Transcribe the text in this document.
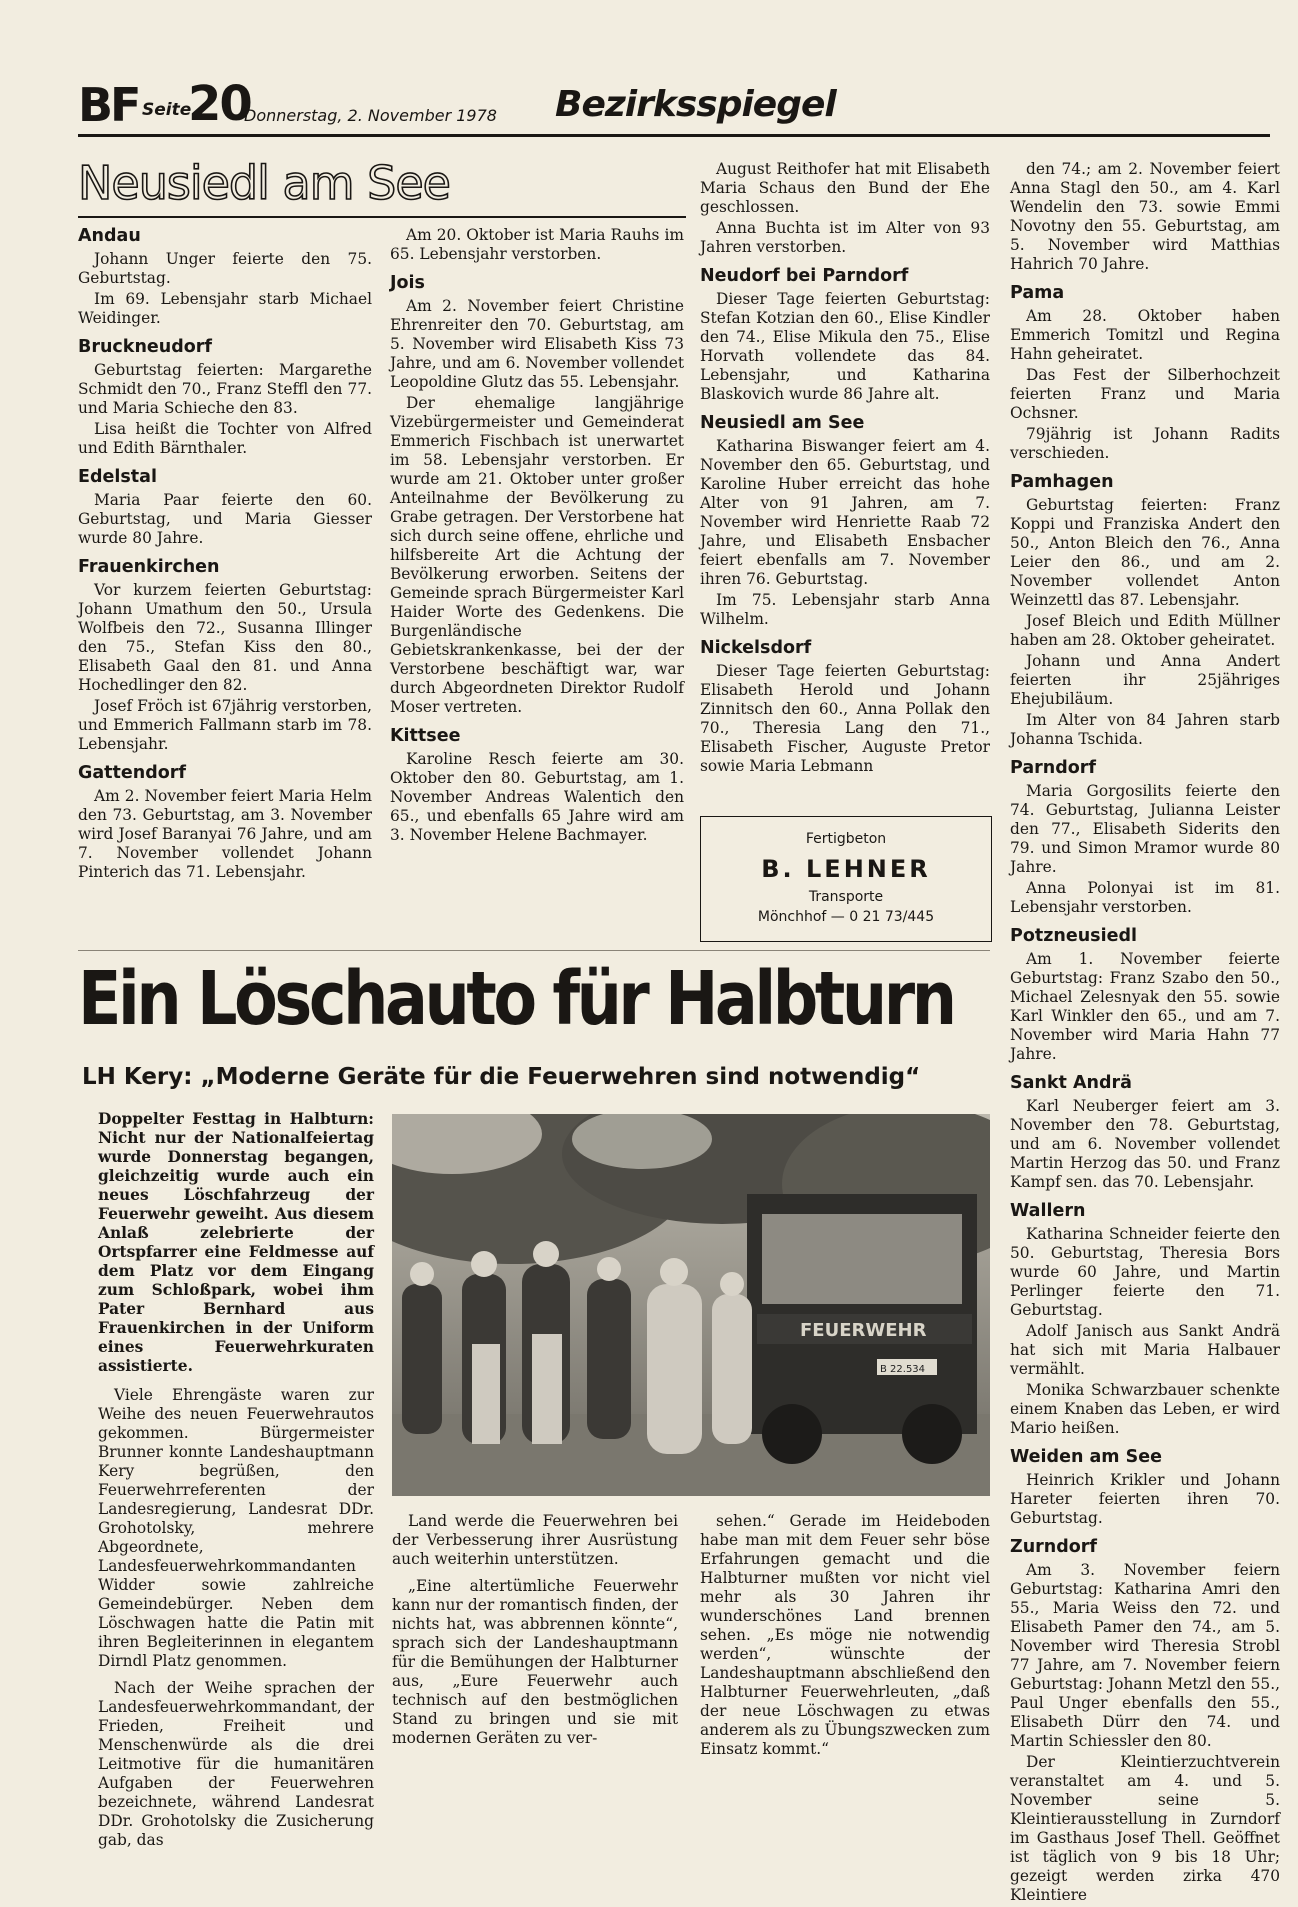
BF Seite
20
Donnerstag, 2. November 1978 Bezirksspiegel
Neusiedl am See
Andau

Johann Unger feierte den 75. Geburtstag.

Im 69. Lebensjahr starb Michael Weidinger.

Bruckneudorf

Geburtstag feierten: Margarethe Schmidt den 70., Franz Steffl den 77. und Maria Schieche den 83.

Lisa heißt die Tochter von Alfred und Edith Bärnthaler.

Edelstal

Maria Paar feierte den 60. Geburtstag, und Maria Giesser wurde 80 Jahre.

Frauenkirchen

Vor kurzem feierten Geburtstag: Johann Umathum den 50., Ursula Wolfbeis den 72., Susanna Illinger den 75., Stefan Kiss den 80., Elisabeth Gaal den 81. und Anna Hochedlinger den 82.

Josef Fröch ist 67jährig verstorben, und Emmerich Fallmann starb im 78. Lebensjahr.

Gattendorf

Am 2. November feiert Maria Helm den 73. Geburtstag, am 3. November wird Josef Baranyai 76 Jahre, und am 7. November vollendet Johann Pinterich das 71. Lebensjahr.

Am 20. Oktober ist Maria Rauhs im 65. Lebensjahr verstorben.

Jois

Am 2. November feiert Christine Ehrenreiter den 70. Geburtstag, am 5. November wird Elisabeth Kiss 73 Jahre, und am 6. November vollendet Leopoldine Glutz das 55. Lebensjahr.

Der ehemalige langjährige Vizebürgermeister und Gemeinderat Emmerich Fischbach ist unerwartet im 58. Lebensjahr verstorben. Er wurde am 21. Oktober unter großer Anteilnahme der Bevölkerung zu Grabe getragen. Der Verstorbene hat sich durch seine offene, ehrliche und hilfsbereite Art die Achtung der Bevölkerung erworben. Seitens der Gemeinde sprach Bürgermeister Karl Haider Worte des Gedenkens. Die Burgenländische Gebietskrankenkasse, bei der der Verstorbene beschäftigt war, war durch Abgeordneten Direktor Rudolf Moser vertreten.

Kittsee

Karoline Resch feierte am 30. Oktober den 80. Geburtstag, am 1. November Andreas Walentich den 65., und ebenfalls 65 Jahre wird am 3. November Helene Bachmayer.

August Reithofer hat mit Elisabeth Maria Schaus den Bund der Ehe geschlossen.

Anna Buchta ist im Alter von 93 Jahren verstorben.

Neudorf bei Parndorf

Dieser Tage feierten Geburtstag: Stefan Kotzian den 60., Elise Kindler den 74., Elise Mikula den 75., Elise Horvath vollendete das 84. Lebensjahr, und Katharina Blaskovich wurde 86 Jahre alt.

Neusiedl am See

Katharina Biswanger feiert am 4. November den 65. Geburtstag, und Karoline Huber erreicht das hohe Alter von 91 Jahren, am 7. November wird Henriette Raab 72 Jahre, und Elisabeth Ensbacher feiert ebenfalls am 7. November ihren 76. Geburtstag.

Im 75. Lebensjahr starb Anna Wilhelm.

Nickelsdorf

Dieser Tage feierten Geburtstag: Elisabeth Herold und Johann Zinnitsch den 60., Anna Pollak den 70., Theresia Lang den 71., Elisabeth Fischer, Auguste Pretor sowie Maria Lebmann

den 74.; am 2. November feiert Anna Stagl den 50., am 4. Karl Wendelin den 73. sowie Emmi Novotny den 55. Geburtstag, am 5. November wird Matthias Hahrich 70 Jahre.

Pama

Am 28. Oktober haben Emmerich Tomitzl und Regina Hahn geheiratet.

Das Fest der Silberhochzeit feierten Franz und Maria Ochsner.

79jährig ist Johann Radits verschieden.

Pamhagen

Geburtstag feierten: Franz Koppi und Franziska Andert den 50., Anton Bleich den 76., Anna Leier den 86., und am 2. November vollendet Anton Weinzettl das 87. Lebensjahr.

Josef Bleich und Edith Müllner haben am 28. Oktober geheiratet.

Johann und Anna Andert feierten ihr 25jähriges Ehejubiläum.

Im Alter von 84 Jahren starb Johanna Tschida.

Parndorf

Maria Gorgosilits feierte den 74. Geburtstag, Julianna Leister den 77., Elisabeth Siderits den 79. und Simon Mramor wurde 80 Jahre.

Anna Polonyai ist im 81. Lebensjahr verstorben.

Potzneusiedl

Am 1. November feierte Geburtstag: Franz Szabo den 50., Michael Zelesnyak den 55. sowie Karl Winkler den 65., und am 7. November wird Maria Hahn 77 Jahre.

Sankt Andrä

Karl Neuberger feiert am 3. November den 78. Geburtstag, und am 6. November vollendet Martin Herzog das 50. und Franz Kampf sen. das 70. Lebensjahr.

Wallern

Katharina Schneider feierte den 50. Geburtstag, Theresia Bors wurde 60 Jahre, und Martin Perlinger feierte den 71. Geburtstag.

Adolf Janisch aus Sankt Andrä hat sich mit Maria Halbauer vermählt.

Monika Schwarzbauer schenkte einem Knaben das Leben, er wird Mario heißen.

Weiden am See

Heinrich Krikler und Johann Hareter feierten ihren 70. Geburtstag.

Zurndorf

Am 3. November feiern Geburtstag: Katharina Amri den 55., Maria Weiss den 72. und Elisabeth Pamer den 74., am 5. November wird Theresia Strobl 77 Jahre, am 7. November feiern Geburtstag: Johann Metzl den 55., Paul Unger ebenfalls den 55., Elisabeth Dürr den 74. und Martin Schiessler den 80.

Der Kleintierzuchtverein veranstaltet am 4. und 5. November seine 5. Kleintierausstellung in Zurndorf im Gasthaus Josef Thell. Geöffnet ist täglich von 9 bis 18 Uhr; gezeigt werden zirka 470 Kleintiere

Fertigbeton
B. LEHNER
Transporte
Mönchhof — 0 21 73/445
Ein Löschauto für Halbturn
LH Kery: „Moderne Geräte für die Feuerwehren sind notwendig“

Doppelter Festtag in Halbturn: Nicht nur der Nationalfeiertag wurde Donnerstag begangen, gleichzeitig wurde auch ein neues Löschfahrzeug der Feuerwehr geweiht. Aus diesem Anlaß zelebrierte der Ortspfarrer eine Feldmesse auf dem Platz vor dem Eingang zum Schloßpark, wobei ihm Pater Bernhard aus Frauenkirchen in der Uniform eines Feuerwehrkuraten assistierte.

Viele Ehrengäste waren zur Weihe des neuen Feuerwehrautos gekommen. Bürgermeister Brunner konnte Landeshauptmann Kery begrüßen, den Feuerwehrreferenten der Landesregierung, Landesrat DDr. Grohotolsky, mehrere Abgeordnete, Landesfeuerwehrkommandanten Widder sowie zahlreiche Gemeindebürger. Neben dem Löschwagen hatte die Patin mit ihren Begleiterinnen in elegantem Dirndl Platz genommen.

Nach der Weihe sprachen der Landesfeuerwehrkommandant, der Frieden, Freiheit und Menschenwürde als die drei Leitmotive für die humanitären Aufgaben der Feuerwehren bezeichnete, während Landesrat DDr. Grohotolsky die Zusicherung gab, das

FEUERWEHR
B 22.534

Land werde die Feuerwehren bei der Verbesserung ihrer Ausrüstung auch weiterhin unterstützen.

„Eine altertümliche Feuerwehr kann nur der romantisch finden, der nichts hat, was abbrennen könnte“, sprach sich der Landeshauptmann für die Bemühungen der Halbturner aus, „Eure Feuerwehr auch technisch auf den bestmöglichen Stand zu bringen und sie mit modernen Geräten zu ver-

sehen.“ Gerade im Heideboden habe man mit dem Feuer sehr böse Erfahrungen gemacht und die Halbturner mußten vor nicht viel mehr als 30 Jahren ihr wunderschönes Land brennen sehen. „Es möge nie notwendig werden“, wünschte der Landeshauptmann abschließend den Halbturner Feuerwehrleuten, „daß der neue Löschwagen zu etwas anderem als zu Übungszwecken zum Einsatz kommt.“
